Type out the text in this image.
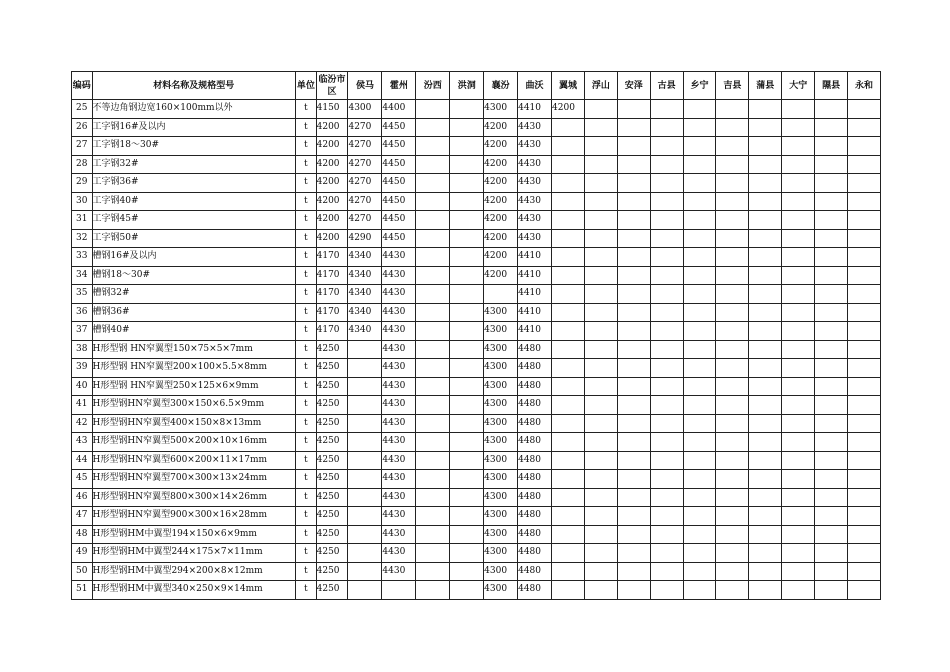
编码	材料名称及规格型号	单位	临汾市区	侯马	霍州	汾西	洪洞	襄汾	曲沃	翼城	浮山	安泽	古县	乡宁	吉县	蒲县	大宁	隰县	永和
25	不等边角钢边宽160×100mm以外	t	4150	4300	4400			4300	4410	4200									
26	工字钢16#及以内	t	4200	4270	4450			4200	4430										
27	工字钢18～30#	t	4200	4270	4450			4200	4430										
28	工字钢32#	t	4200	4270	4450			4200	4430										
29	工字钢36#	t	4200	4270	4450			4200	4430										
30	工字钢40#	t	4200	4270	4450			4200	4430										
31	工字钢45#	t	4200	4270	4450			4200	4430										
32	工字钢50#	t	4200	4290	4450			4200	4430										
33	槽钢16#及以内	t	4170	4340	4430			4200	4410										
34	槽钢18～30#	t	4170	4340	4430			4200	4410										
35	槽钢32#	t	4170	4340	4430				4410										
36	槽钢36#	t	4170	4340	4430			4300	4410										
37	槽钢40#	t	4170	4340	4430			4300	4410										
38	H形型钢 HN窄翼型150×75×5×7mm	t	4250		4430			4300	4480										
39	H形型钢 HN窄翼型200×100×5.5×8mm	t	4250		4430			4300	4480										
40	H形型钢 HN窄翼型250×125×6×9mm	t	4250		4430			4300	4480										
41	H形型钢HN窄翼型300×150×6.5×9mm	t	4250		4430			4300	4480										
42	H形型钢HN窄翼型400×150×8×13mm	t	4250		4430			4300	4480										
43	H形型钢HN窄翼型500×200×10×16mm	t	4250		4430			4300	4480										
44	H形型钢HN窄翼型600×200×11×17mm	t	4250		4430			4300	4480										
45	H形型钢HN窄翼型700×300×13×24mm	t	4250		4430			4300	4480										
46	H形型钢HN窄翼型800×300×14×26mm	t	4250		4430			4300	4480										
47	H形型钢HN窄翼型900×300×16×28mm	t	4250		4430			4300	4480										
48	H形型钢HM中翼型194×150×6×9mm	t	4250		4430			4300	4480										
49	H形型钢HM中翼型244×175×7×11mm	t	4250		4430			4300	4480										
50	H形型钢HM中翼型294×200×8×12mm	t	4250		4430			4300	4480										
51	H形型钢HM中翼型340×250×9×14mm	t	4250					4300	4480										
